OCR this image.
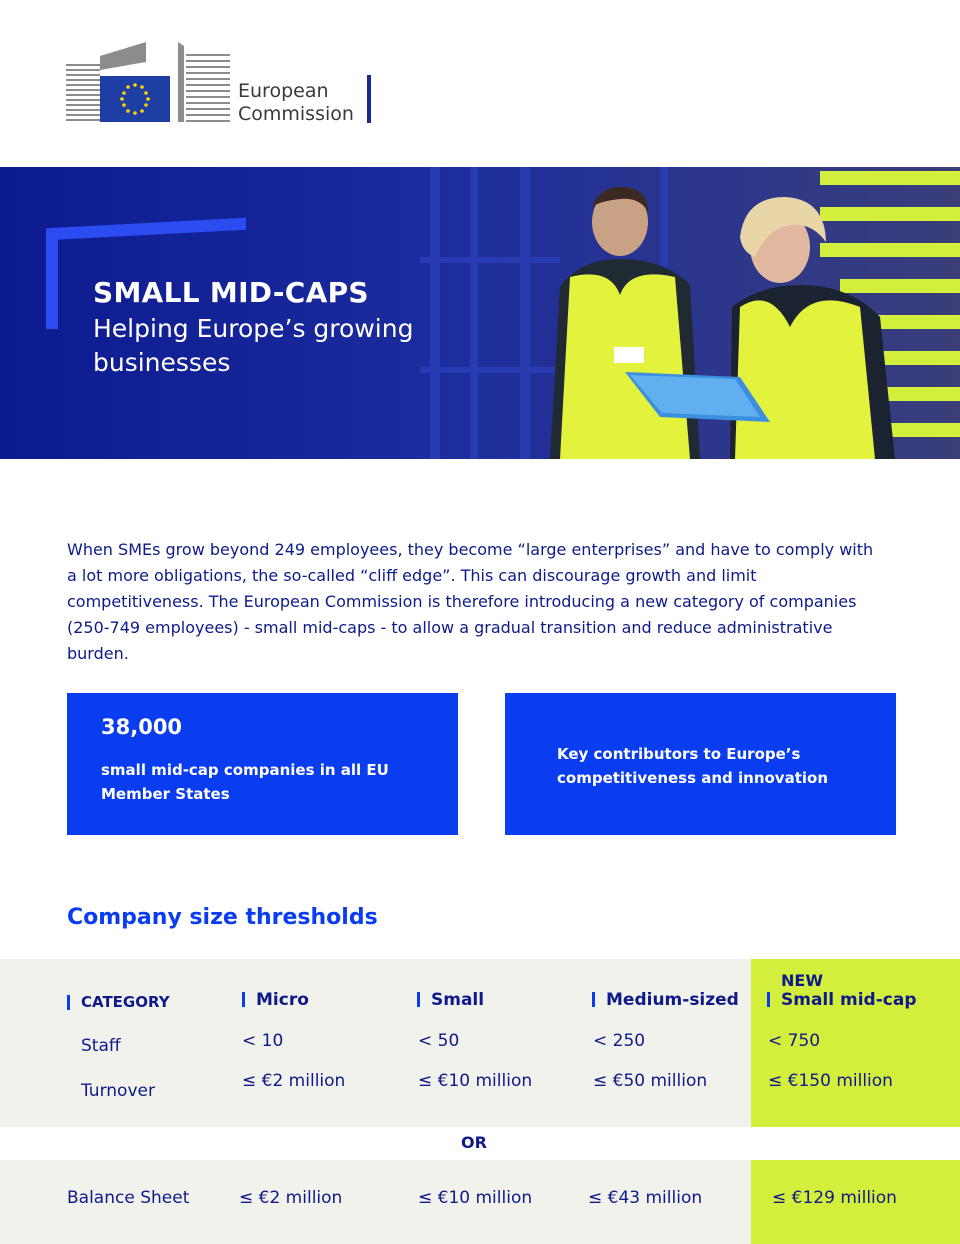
European
Commission
SMALL MID-CAPS
Helping Europe’s growing businesses

When SMEs grow beyond 249 employees, they become “large enterprises” and have to comply with a lot more obligations, the so-called “cliff edge”. This can discourage growth and limit competitiveness. The European Commission is therefore introducing a new category of companies (250-749 employees) - small mid-caps - to allow a gradual transition and reduce administrative burden.

38,000
small mid-cap companies in all EU Member States
Key contributors to Europe’s competitiveness and innovation
Company size thresholds
NEW
CATEGORY	Micro	Small	Medium-sized	Small mid-cap
Staff	< 10	< 50	< 250	< 750
Turnover	≤ €2 million	≤ €10 million	≤ €50 million	≤ €150 million
OR
Balance Sheet	≤ €2 million	≤ €10 million	≤ €43 million	≤ €129 million
